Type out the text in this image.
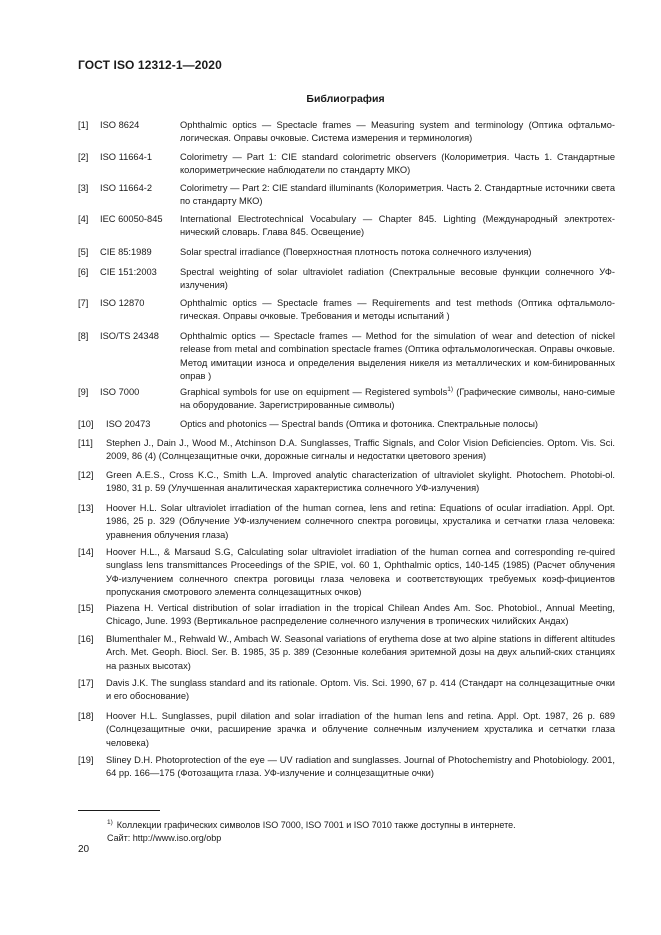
ГОСТ ISO 12312-1—2020
Библиография
[1] ISO 8624	Ophthalmic optics — Spectacle frames — Measuring system and terminology (Оптика офтальмо-логическая. Оправы очковые. Система измерения и терминология)
[2] ISO 11664-1	Colorimetry — Part 1: CIE standard colorimetric observers (Колориметрия. Часть 1. Стандартные колориметрические наблюдатели по стандарту МКО)
[3] ISO 11664-2	Colorimetry — Part 2: CIE standard illuminants (Колориметрия. Часть 2. Стандартные источники света по стандарту МКО)
[4] IEC 60050-845 International Electrotechnical Vocabulary — Chapter 845. Lighting (Международный электротех-нический словарь. Глава 845. Освещение)
[5] CIE 85:1989	Solar spectral irradiance (Поверхностная плотность потока солнечного излучения)
[6] CIE 151:2003 Spectral weighting of solar ultraviolet radiation (Спектральные весовые функции солнечного УФ-излучения)
[7] ISO 12870	Ophthalmic optics — Spectacle frames — Requirements and test methods (Оптика офтальмоло-гическая. Оправы очковые. Требования и методы испытаний )
[8] ISO/TS 24348 Ophthalmic optics — Spectacle frames — Method for the simulation of wear and detection of nickel release from metal and combination spectacle frames (Оптика офтальмологическая. Оправы очковые. Метод имитации износа и определения выделения никеля из металлических и ком-бинированных оправ )
[9] ISO 7000	Graphical symbols for use on equipment — Registered symbols$^{1)}$ (Графические символы, нано-симые на оборудование. Зарегистрированные символы)
[10] ISO 20473	Optics and photonics — Spectral bands (Оптика и фотоника. Спектральные полосы)
[11] Stephen J., Dain J., Wood M., Atchinson D.A. Sunglasses, Traffic Signals, and Color Vision Deficiencies. Optom. Vis. Sci. 2009, 86 (4) (Солнцезащитные очки, дорожные сигналы и недостатки цветового зрения)
[12] Green A.E.S., Cross K.C., Smith L.A. Improved analytic characterization of ultraviolet skylight. Photochem. Photobi-ol. 1980, 31 p. 59 (Улучшенная аналитическая характеристика солнечного УФ-излучения)
[13] Hoover H.L. Solar ultraviolet irradiation of the human cornea, lens and retina: Equations of ocular irradiation. Appl. Opt. 1986, 25 p. 329 (Облучение УФ-излучением солнечного спектра роговицы, хрусталика и сетчатки глаза человека: уравнения облучения глаза)
[14] Hoover H.L., & Marsaud S.G, Calculating solar ultraviolet irradiation of the human cornea and corresponding re-quired sunglass lens transmittances Proceedings of the SPIE, vol. 60 1, Ophthalmic optics, 140-145 (1985) (Расчет облучения УФ-излучением солнечного спектра роговицы глаза человека и соответствующих требуемых коэф-фициентов пропускания смотрового элемента солнцезащитных очков)
[15] Piazena H. Vertical distribution of solar irradiation in the tropical Chilean Andes Am. Soc. Photobiol., Annual Meeting, Chicago, June. 1993 (Вертикальное распределение солнечного излучения в тропических чилийских Андах)
[16] Blumenthaler M., Rehwald W., Ambach W. Seasonal variations of erythema dose at two alpine stations in different altitudes Arch. Met. Geoph. Biocl. Ser. B. 1985, 35 p. 389 (Сезонные колебания эритемной дозы на двух альпий-ских станциях на разных высотах)
[17] Davis J.K. The sunglass standard and its rationale. Optom. Vis. Sci. 1990, 67 p. 414 (Стандарт на солнцезащитные очки и его обоснование)
[18] Hoover H.L. Sunglasses, pupil dilation and solar irradiation of the human lens and retina. Appl. Opt. 1987, 26 p. 689 (Солнцезащитные очки, расширение зрачка и облучение солнечным излучением хрусталика и сетчатки глаза человека)
[19] Sliney D.H. Photoprotection of the eye — UV radiation and sunglasses. Journal of Photochemistry and Photobiology. 2001, 64 pp. 166—175 (Фотозащита глаза. УФ-излучение и солнцезащитные очки)
$^{1)}$ Коллекции графических символов ISO 7000, ISO 7001 и ISO 7010 также доступны в интернете.
Сайт: http://www.iso.org/obp
20
